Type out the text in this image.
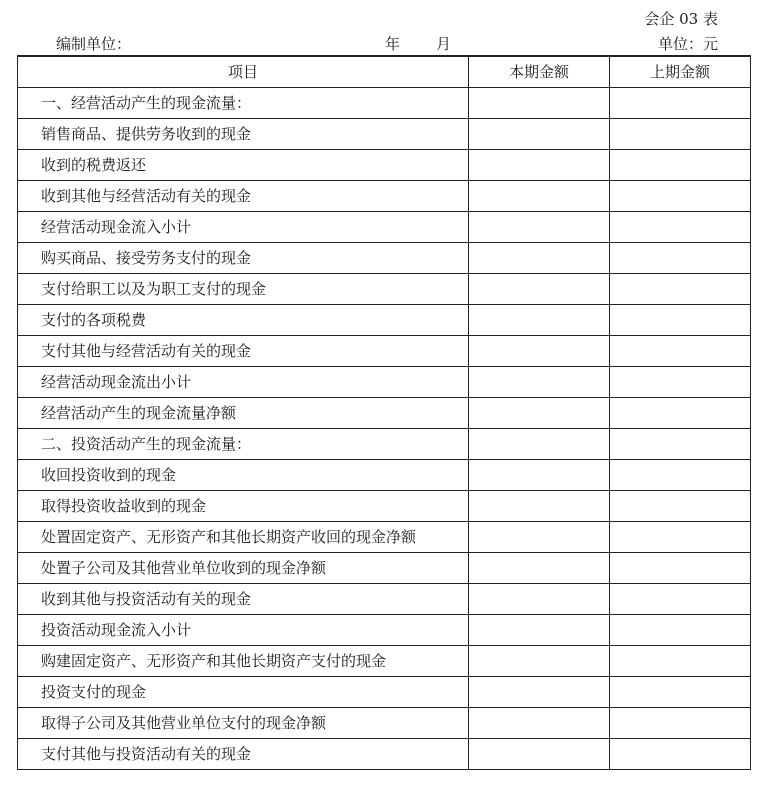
会企 03 表
编制单位：	年 月	单位：元
项目	本期金额	上期金额
一、经营活动产生的现金流量：		
销售商品、提供劳务收到的现金		
收到的税费返还		
收到其他与经营活动有关的现金		
经营活动现金流入小计		
购买商品、接受劳务支付的现金		
支付给职工以及为职工支付的现金		
支付的各项税费		
支付其他与经营活动有关的现金		
经营活动现金流出小计		
经营活动产生的现金流量净额		
二、投资活动产生的现金流量：		
收回投资收到的现金		
取得投资收益收到的现金		
处置固定资产、无形资产和其他长期资产收回的现金净额		
处置子公司及其他营业单位收到的现金净额		
收到其他与投资活动有关的现金		
投资活动现金流入小计		
购建固定资产、无形资产和其他长期资产支付的现金		
投资支付的现金		
取得子公司及其他营业单位支付的现金净额		
支付其他与投资活动有关的现金		
